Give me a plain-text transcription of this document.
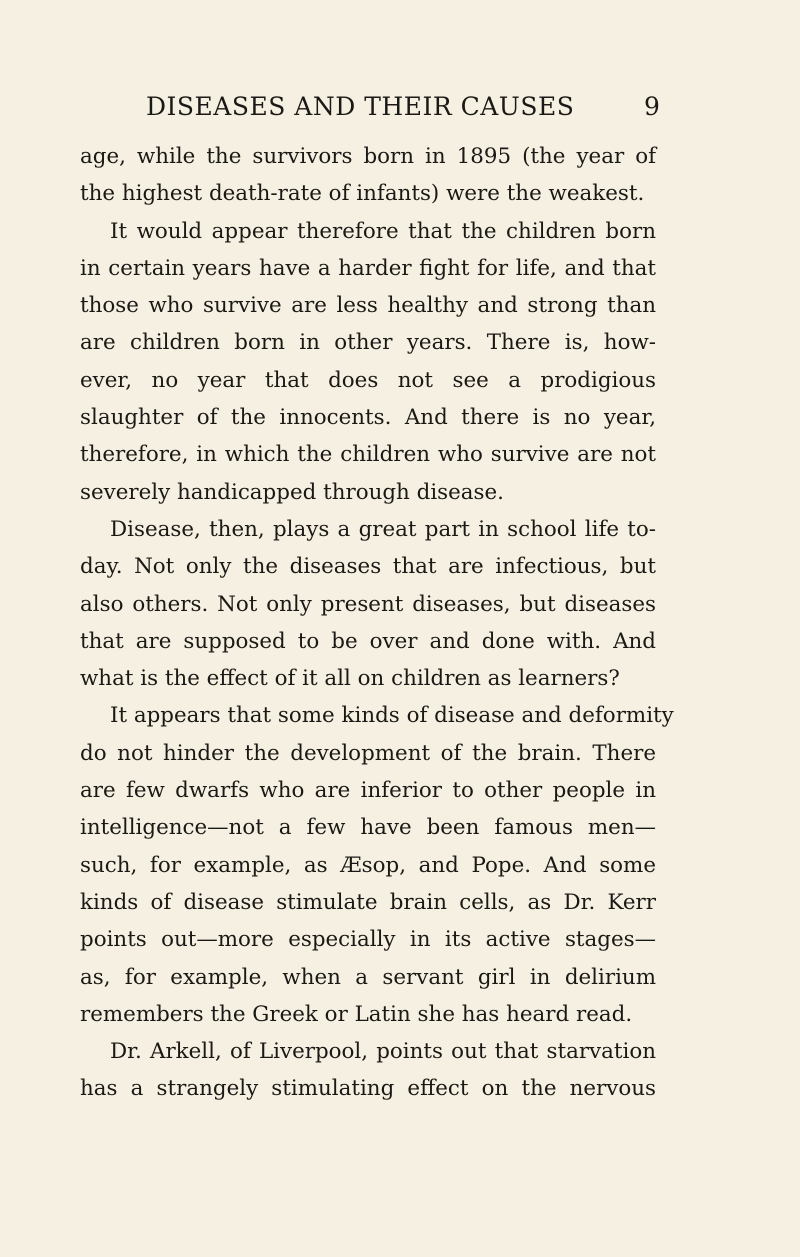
DISEASES AND THEIR CAUSES	9
age, while the survivors born in 1895 (the year of
the highest death-rate of infants) were the weakest.
It would appear therefore that the children born
in certain years have a harder fight for life, and that
those who survive are less healthy and strong than
are children born in other years. There is, how-
ever, no year that does not see a prodigious
slaughter of the innocents. And there is no year,
therefore, in which the children who survive are not
severely handicapped through disease.
Disease, then, plays a great part in school life to-
day. Not only the diseases that are infectious, but
also others. Not only present diseases, but diseases
that are supposed to be over and done with. And
what is the effect of it all on children as learners?
It appears that some kinds of disease and deformity
do not hinder the development of the brain. There
are few dwarfs who are inferior to other people in
intelligence—not a few have been famous men—
such, for example, as Æsop, and Pope. And some
kinds of disease stimulate brain cells, as Dr. Kerr
points out—more especially in its active stages—
as, for example, when a servant girl in delirium
remembers the Greek or Latin she has heard read.
Dr. Arkell, of Liverpool, points out that starvation
has a strangely stimulating effect on the nervous
